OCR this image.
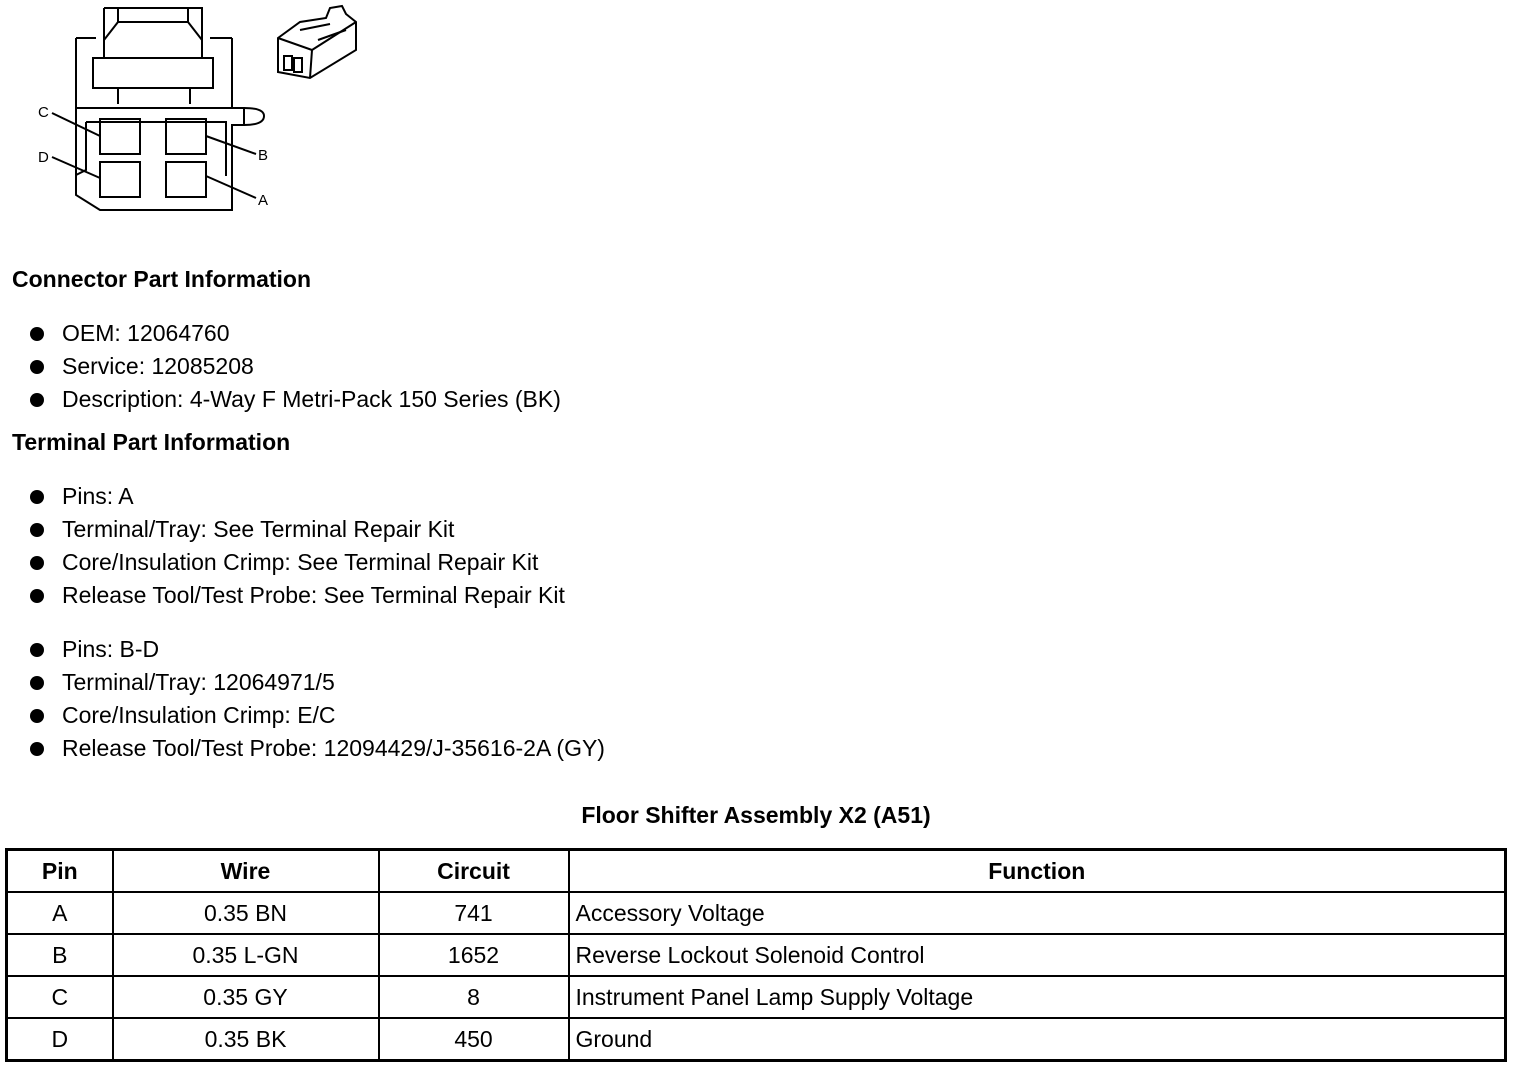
C
D	B
A
Connector Part Information
OEM: 12064760
Service: 12085208
Description: 4-Way F Metri-Pack 150 Series (BK)
Terminal Part Information
Pins: A
Terminal/Tray: See Terminal Repair Kit
Core/Insulation Crimp: See Terminal Repair Kit
Release Tool/Test Probe: See Terminal Repair Kit
Pins: B-D
Terminal/Tray: 12064971/5
Core/Insulation Crimp: E/C
Release Tool/Test Probe: 12094429/J-35616-2A (GY)
Floor Shifter Assembly X2 (A51)
Pin	Wire	Circuit	Function
A	0.35 BN	741	Accessory Voltage
B	0.35 L-GN	1652	Reverse Lockout Solenoid Control
C	0.35 GY	8	Instrument Panel Lamp Supply Voltage
D	0.35 BK	450	Ground
